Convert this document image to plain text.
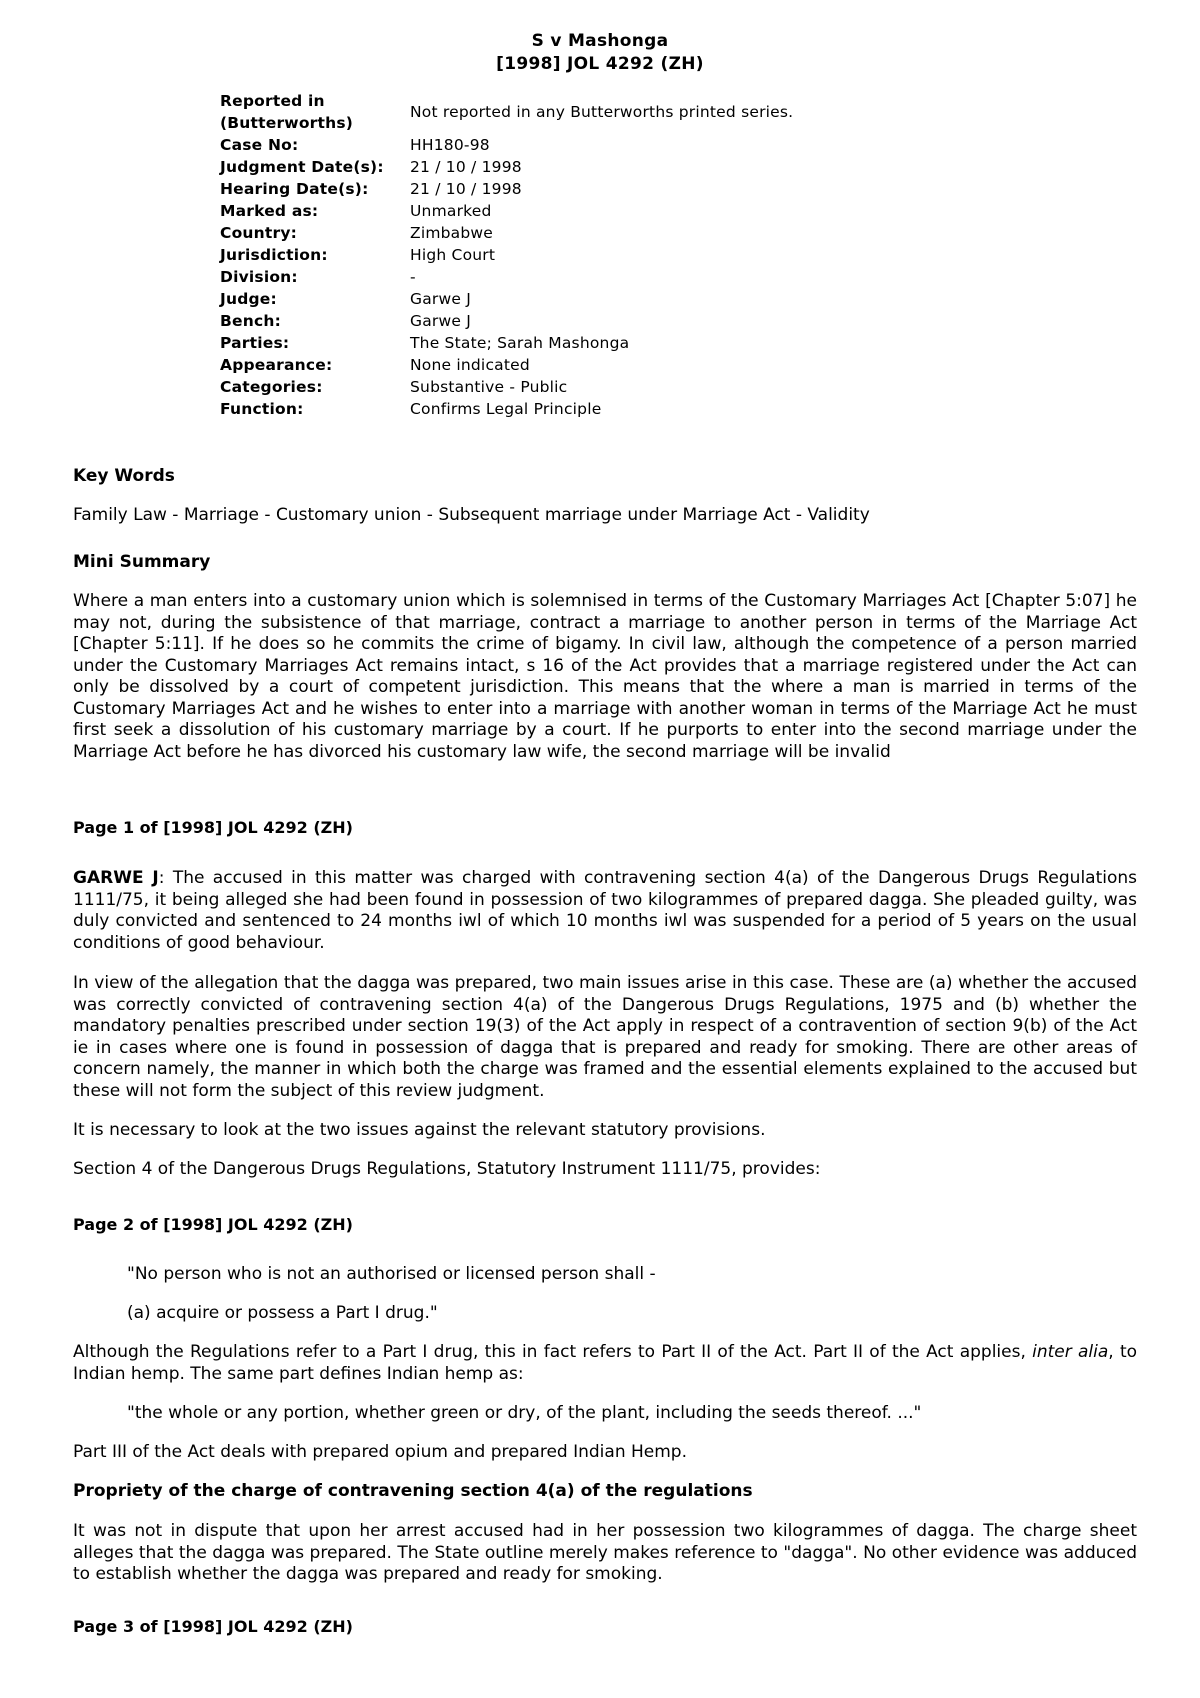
S v Mashonga
[1998] JOL 4292 (ZH)
Reported in
(Butterworths)	Not reported in any Butterworths printed series.
Case No:	HH180-98
Judgment Date(s):	21 / 10 / 1998
Hearing Date(s):	21 / 10 / 1998
Marked as:	Unmarked
Country:	Zimbabwe
Jurisdiction:	High Court
Division:	-
Judge:	Garwe J
Bench:	Garwe J
Parties:	The State; Sarah Mashonga
Appearance:	None indicated
Categories:	Substantive - Public
Function:	Confirms Legal Principle

Key Words

Family Law - Marriage - Customary union - Subsequent marriage under Marriage Act - Validity

Mini Summary

Where a man enters into a customary union which is solemnised in terms of the Customary Marriages Act [Chapter 5:07] he may not, during the subsistence of that marriage, contract a marriage to another person in terms of the Marriage Act [Chapter 5:11]. If he does so he commits the crime of bigamy. In civil law, although the competence of a person married under the Customary Marriages Act remains intact, s 16 of the Act provides that a marriage registered under the Act can only be dissolved by a court of competent jurisdiction. This means that the where a man is married in terms of the Customary Marriages Act and he wishes to enter into a marriage with another woman in terms of the Marriage Act he must first seek a dissolution of his customary marriage by a court. If he purports to enter into the second marriage under the Marriage Act before he has divorced his customary law wife, the second marriage will be invalid

Page 1 of [1998] JOL 4292 (ZH)

GARWE J: The accused in this matter was charged with contravening section 4(a) of the Dangerous Drugs Regulations 1111/75, it being alleged she had been found in possession of two kilogrammes of prepared dagga. She pleaded guilty, was duly convicted and sentenced to 24 months iwl of which 10 months iwl was suspended for a period of 5 years on the usual conditions of good behaviour.

In view of the allegation that the dagga was prepared, two main issues arise in this case. These are (a) whether the accused was correctly convicted of contravening section 4(a) of the Dangerous Drugs Regulations, 1975 and (b) whether the mandatory penalties prescribed under section 19(3) of the Act apply in respect of a contravention of section 9(b) of the Act ie in cases where one is found in possession of dagga that is prepared and ready for smoking. There are other areas of concern namely, the manner in which both the charge was framed and the essential elements explained to the accused but these will not form the subject of this review judgment.

It is necessary to look at the two issues against the relevant statutory provisions.

Section 4 of the Dangerous Drugs Regulations, Statutory Instrument 1111/75, provides:

Page 2 of [1998] JOL 4292 (ZH)

"No person who is not an authorised or licensed person shall -

(a) acquire or possess a Part I drug."

Although the Regulations refer to a Part I drug, this in fact refers to Part II of the Act. Part II of the Act applies, inter alia, to Indian hemp. The same part defines Indian hemp as:

"the whole or any portion, whether green or dry, of the plant, including the seeds thereof. ..."

Part III of the Act deals with prepared opium and prepared Indian Hemp.

Propriety of the charge of contravening section 4(a) of the regulations

It was not in dispute that upon her arrest accused had in her possession two kilogrammes of dagga. The charge sheet alleges that the dagga was prepared. The State outline merely makes reference to "dagga". No other evidence was adduced to establish whether the dagga was prepared and ready for smoking.

Page 3 of [1998] JOL 4292 (ZH)
